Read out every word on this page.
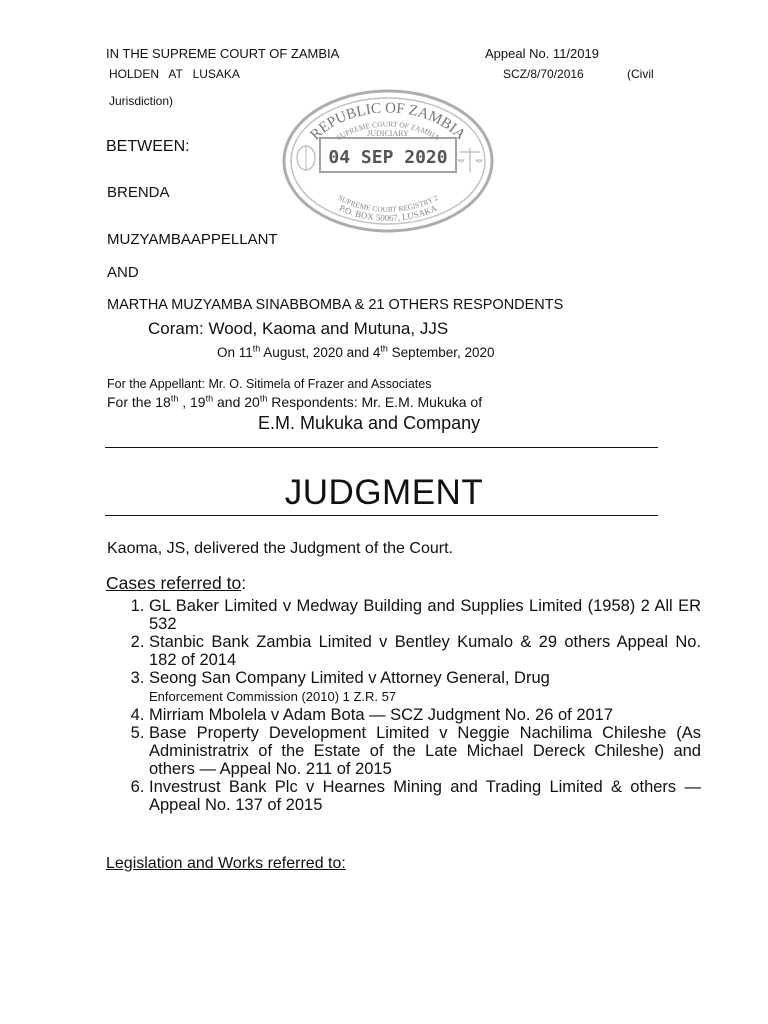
IN THE SUPREME COURT OF ZAMBIA	Appeal No. 11/2019
HOLDEN   AT   LUSAKA	SCZ/8/70/2016	(Civil
Jurisdiction)
REPUBLIC OF ZAMBIA
SUPREME COURT OF ZAMBIA
JUDICIARY
04 SEP 2020
SUPREME COURT REGISTRY 2
P.O. BOX 50067, LUSAKA
BETWEEN:
BRENDA
MUZYAMBAAPPELLANT
AND
MARTHA MUZYAMBA SINABBOMBA & 21 OTHERS RESPONDENTS
Coram: Wood, Kaoma and Mutuna, JJS
On 11th August, 2020 and 4th September, 2020
For the Appellant: Mr. O. Sitimela of Frazer and Associates
For the 18th , 19th and 20th Respondents: Mr. E.M. Mukuka of
E.M. Mukuka and Company
JUDGMENT
Kaoma, JS, delivered the Judgment of the Court.
Cases referred to:
1. GL Baker Limited v Medway Building and Supplies Limited (1958) 2 All ER 532
2. Stanbic Bank Zambia Limited v Bentley Kumalo & 29 others Appeal No. 182 of 2014
3. Seong San Company Limited v Attorney General, Drug
Enforcement Commission (2010) 1 Z.R. 57
4. Mirriam Mbolela v Adam Bota — SCZ Judgment No. 26 of 2017
5. Base Property Development Limited v Neggie Nachilima Chileshe (As Administratrix of the Estate of the Late Michael Dereck Chileshe) and others — Appeal No. 211 of 2015
6. Investrust Bank Plc v Hearnes Mining and Trading Limited & others — Appeal No. 137 of 2015
Legislation and Works referred to:
